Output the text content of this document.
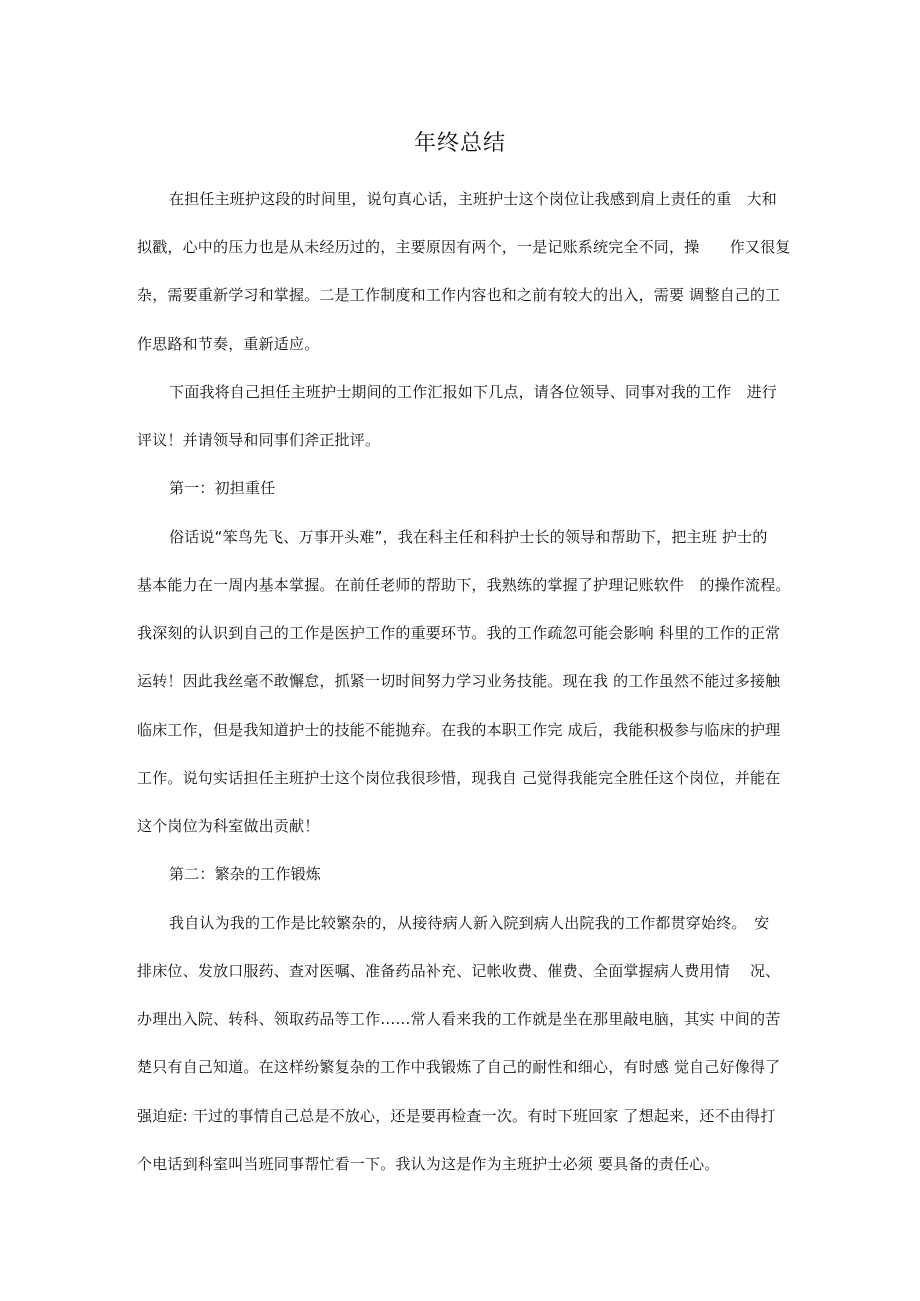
年终总结
在担任主班护这段的时间里，说句真心话，主班护士这个岗位让我感到肩上责任的重　大和
拟戳，心中的压力也是从未经历过的，主要原因有两个，一是记账系统完全不同，操　　作又很复
杂，需要重新学习和掌握。二是工作制度和工作内容也和之前有较大的出入，需要 调整自己的工
作思路和节奏，重新适应。
下面我将自己担任主班护士期间的工作汇报如下几点，请各位领导、同事对我的工作　进行
评议！并请领导和同事们斧正批评。
第一：初担重任
俗话说“笨鸟先飞、万事开头难”，我在科主任和科护士长的领导和帮助下，把主班 护士的
基本能力在一周内基本掌握。在前任老师的帮助下，我熟练的掌握了护理记账软件　的操作流程。
我深刻的认识到自己的工作是医护工作的重要环节。我的工作疏忽可能会影响 科里的工作的正常
运转！因此我丝毫不敢懈怠，抓紧一切时间努力学习业务技能。现在我 的工作虽然不能过多接触
临床工作，但是我知道护士的技能不能抛弃。在我的本职工作完 成后，我能积极参与临床的护理
工作。说句实话担任主班护士这个岗位我很珍惜，现我自 己觉得我能完全胜任这个岗位，并能在
这个岗位为科室做出贡献！
第二：繁杂的工作锻炼
我自认为我的工作是比较繁杂的，从接待病人新入院到病人出院我的工作都贯穿始终。　安
排床位、发放口服药、查对医嘱、准备药品补充、记帐收费、催费、全面掌握病人费用情　 况、
办理出入院、转科、领取药品等工作……常人看来我的工作就是坐在那里敲电脑，其实 中间的苦
楚只有自己知道。在这样纷繁复杂的工作中我锻炼了自己的耐性和细心，有时感 觉自己好像得了
强迫症: 干过的事情自己总是不放心，还是要再检查一次。有时下班回家 了想起来，还不由得打
个电话到科室叫当班同事帮忙看一下。我认为这是作为主班护士必须 要具备的责任心。
